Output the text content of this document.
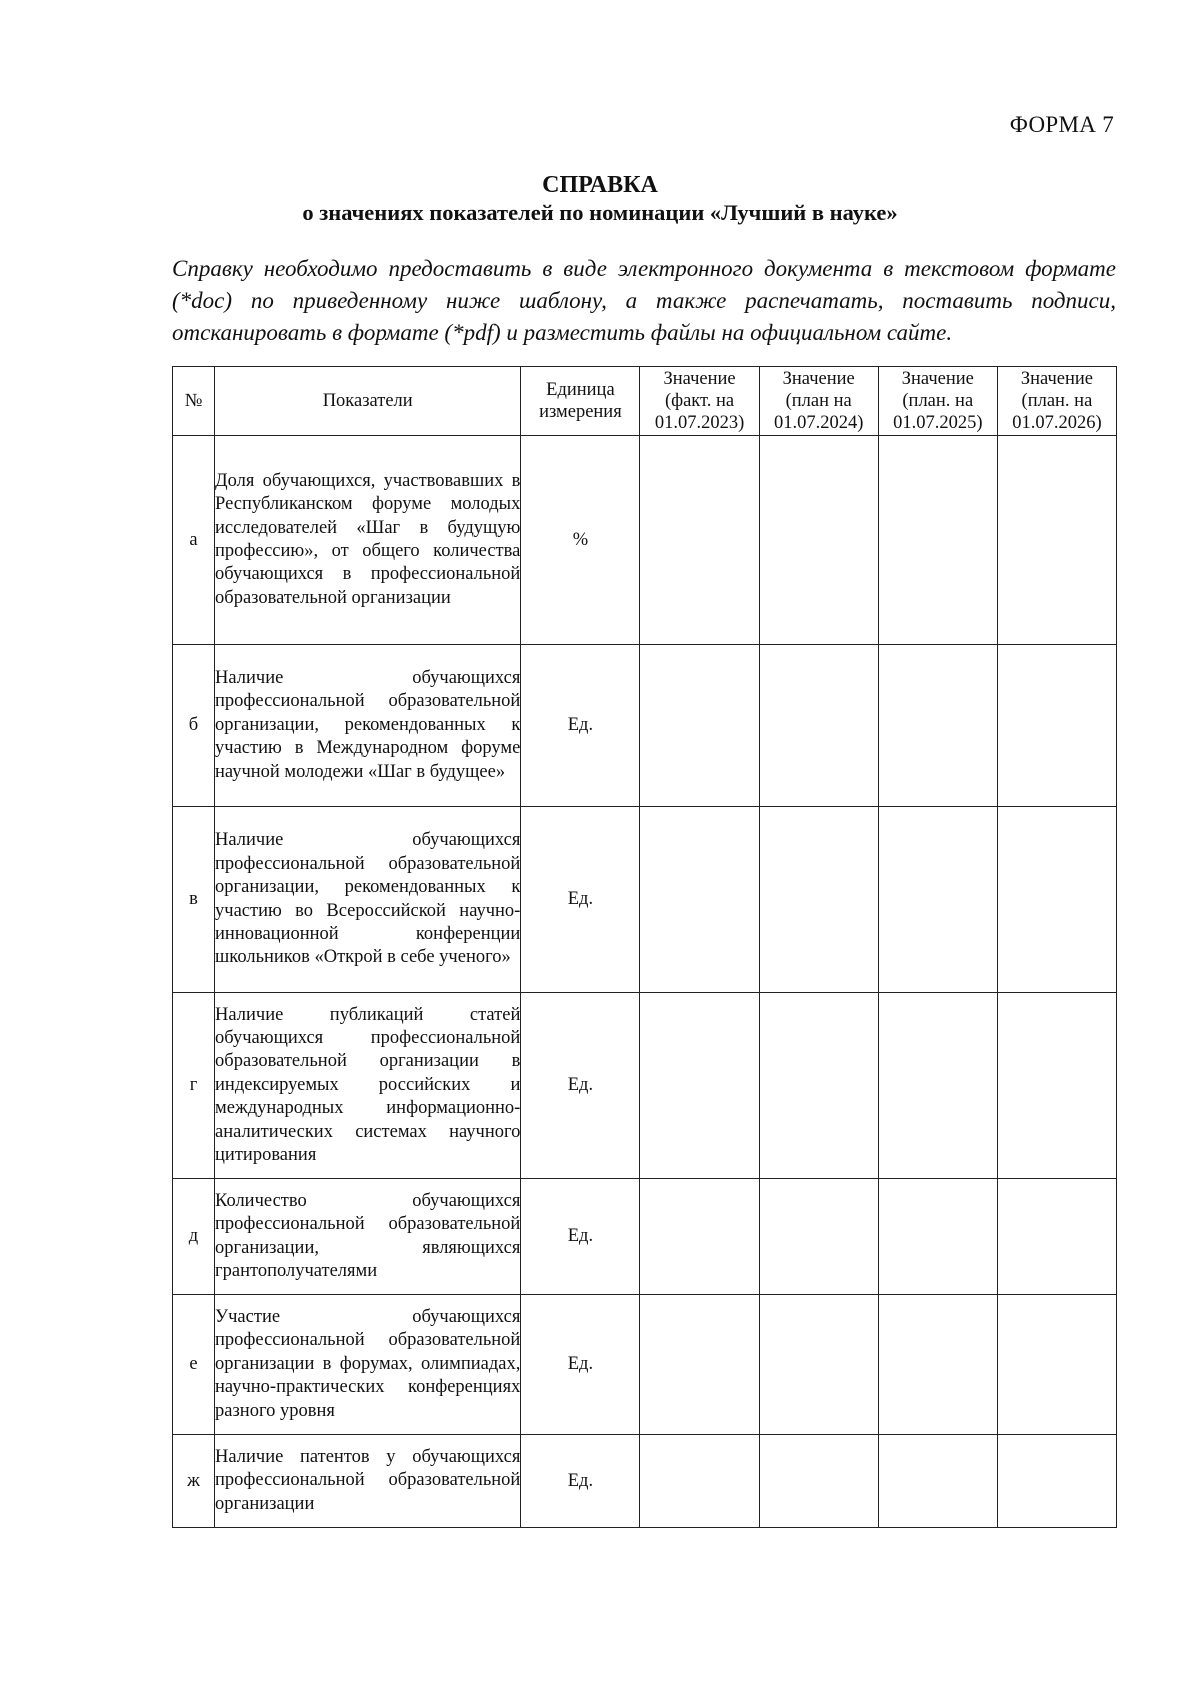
ФОРМА 7
СПРАВКА
о значениях показателей по номинации «Лучший в науке»
Справку необходимо предоставить в виде электронного документа в текстовом формате (*doc) по приведенному ниже шаблону, а также распечатать, поставить подписи, отсканировать в формате (*pdf) и разместить файлы на официальном сайте.
№	Показатели	Единица измерения	Значение (факт. на 01.07.2023)	Значение (план на 01.07.2024)	Значение (план. на 01.07.2025)	Значение (план. на 01.07.2026)
а	Доля обучающихся, участвовавших в Республиканском форуме молодых исследователей «Шаг в будущую профессию», от общего количества обучающихся в профессиональной образовательной организации	%				
б	Наличие обучающихся профессиональной образовательной организации, рекомендованных к участию в Международном форуме научной молодежи «Шаг в будущее»	Ед.				
в	Наличие обучающихся профессиональной образовательной организации, рекомендованных к участию во Всероссийской научно-инновационной конференции школьников «Открой в себе ученого»	Ед.				
г	Наличие публикаций статей обучающихся профессиональной образовательной организации в индексируемых российских и международных информационно-аналитических системах научного цитирования	Ед.				
д	Количество обучающихся профессиональной образовательной организации, являющихся грантополучателями	Ед.				
е	Участие обучающихся профессиональной образовательной организации в форумах, олимпиадах, научно-практических конференциях разного уровня	Ед.				
ж	Наличие патентов у обучающихся профессиональной образовательной организации	Ед.				
